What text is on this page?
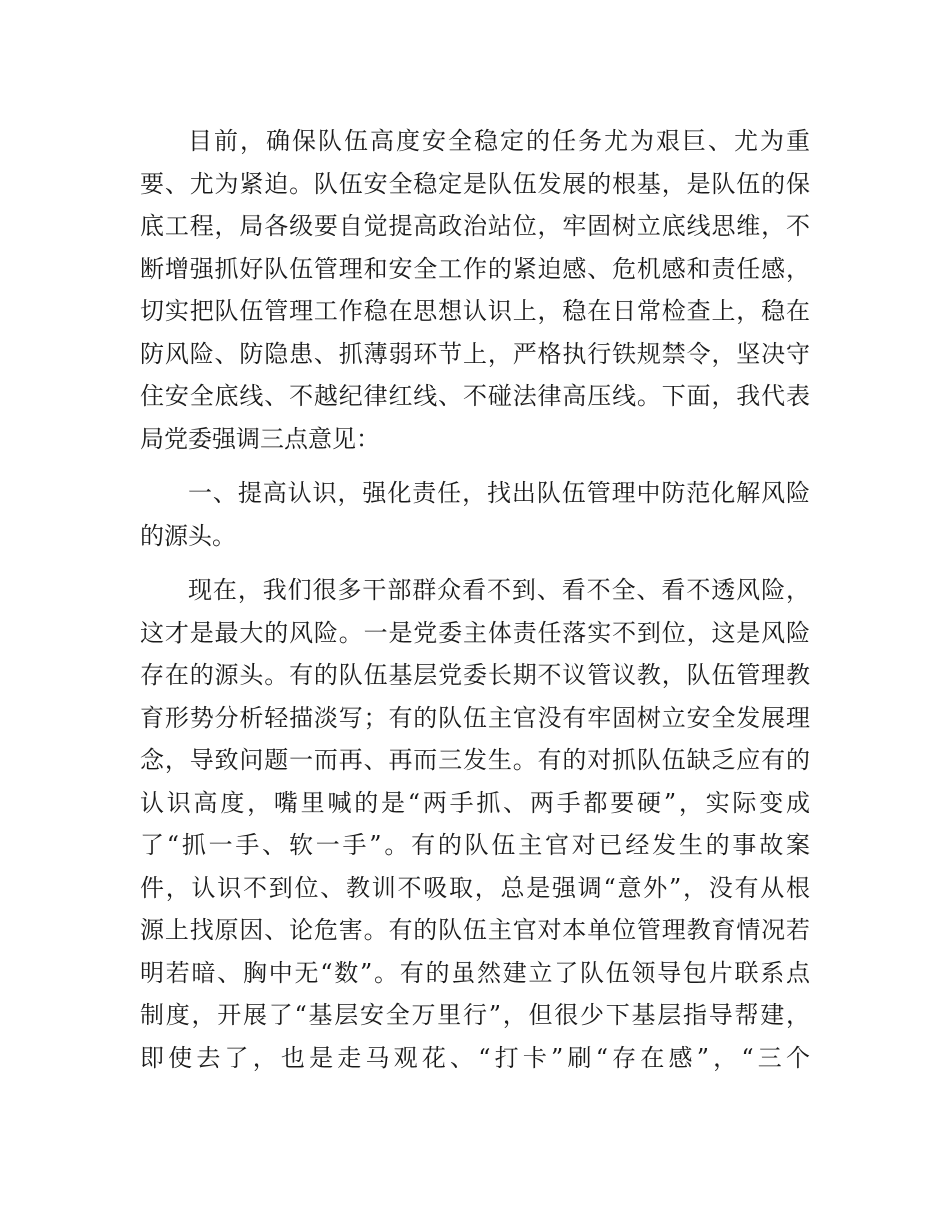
目前，确保队伍高度安全稳定的任务尤为艰巨、尤为重
要、尤为紧迫。队伍安全稳定是队伍发展的根基，是队伍的保
底工程，局各级要自觉提高政治站位，牢固树立底线思维，不
断增强抓好队伍管理和安全工作的紧迫感、危机感和责任感，
切实把队伍管理工作稳在思想认识上，稳在日常检查上，稳在
防风险、防隐患、抓薄弱环节上，严格执行铁规禁令，坚决守
住安全底线、不越纪律红线、不碰法律高压线。下面，我代表
局党委强调三点意见：
一、提高认识，强化责任，找出队伍管理中防范化解风险
的源头。
现在，我们很多干部群众看不到、看不全、看不透风险，
这才是最大的风险。一是党委主体责任落实不到位，这是风险
存在的源头。有的队伍基层党委长期不议管议教，队伍管理教
育形势分析轻描淡写；有的队伍主官没有牢固树立安全发展理
念，导致问题一而再、再而三发生。有的对抓队伍缺乏应有的
认识高度，嘴里喊的是“两手抓、两手都要硬”，实际变成
了“抓一手、软一手”。有的队伍主官对已经发生的事故案
件，认识不到位、教训不吸取，总是强调“意外”，没有从根
源上找原因、论危害。有的队伍主官对本单位管理教育情况若
明若暗、胸中无“数”。有的虽然建立了队伍领导包片联系点
制度，开展了“基层安全万里行”，但很少下基层指导帮建，
即使去了，也是走马观花、“打卡”刷“存在感”，“三个
